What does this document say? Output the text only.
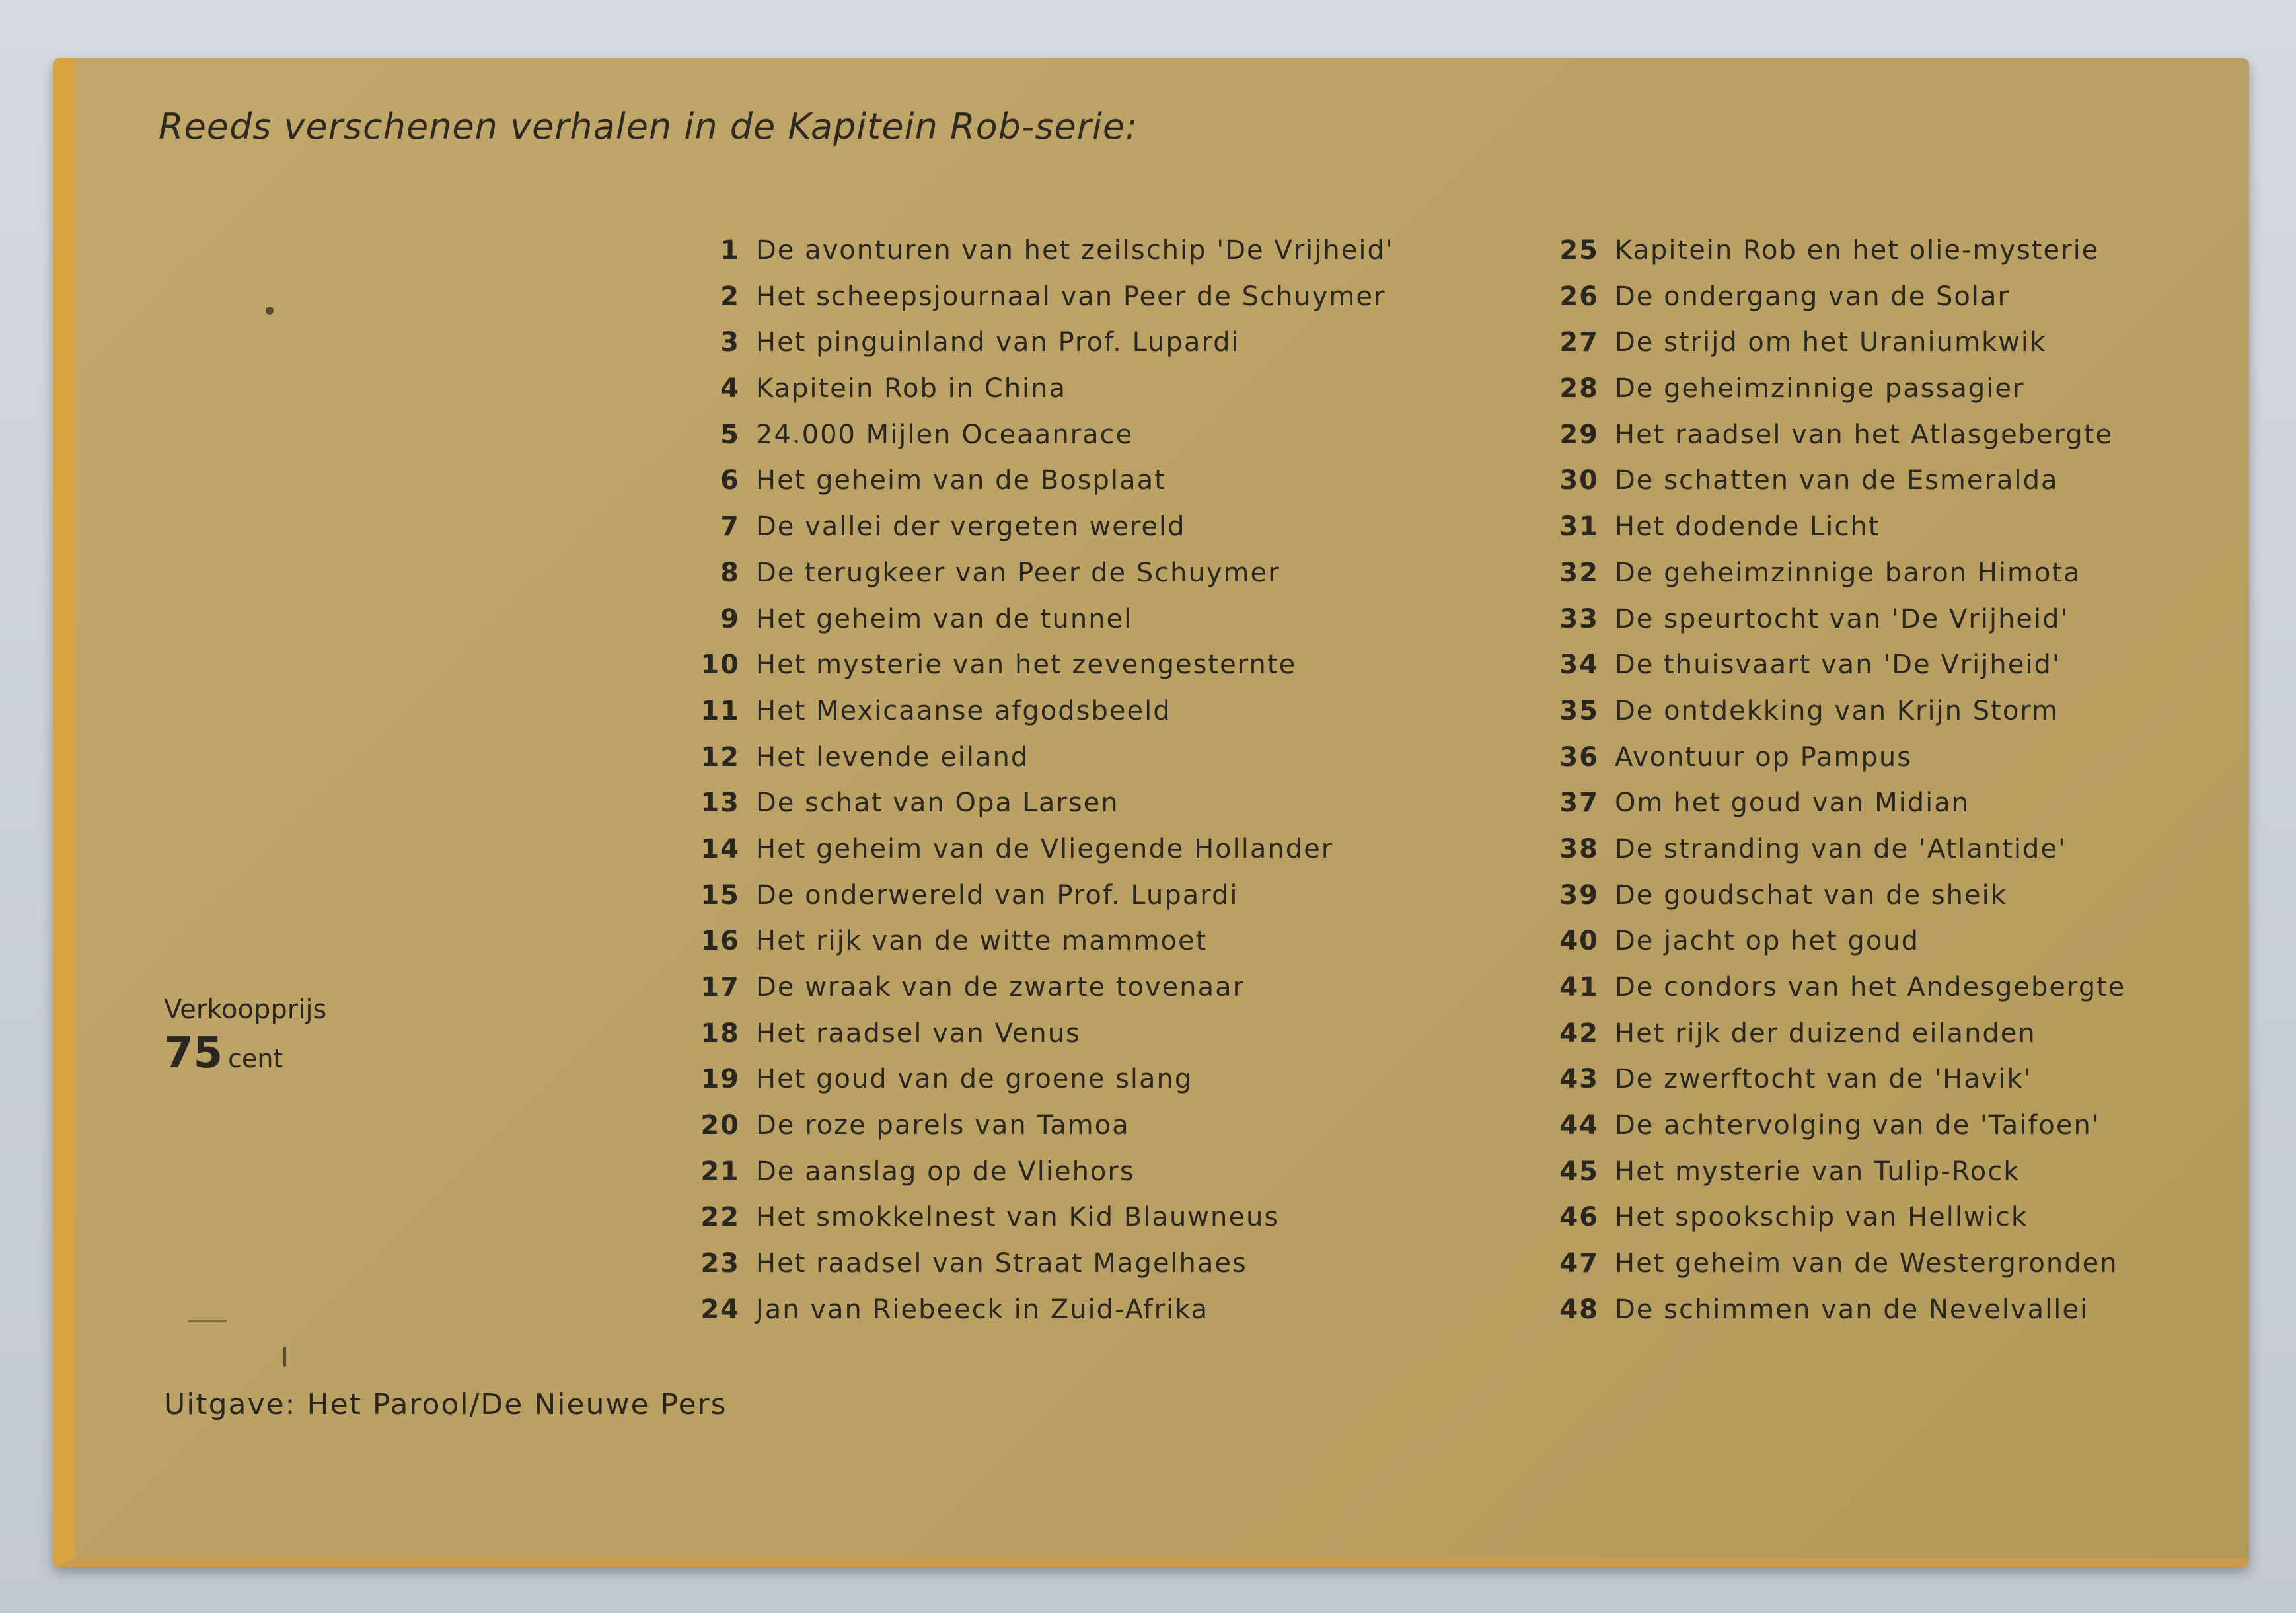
Reeds verschenen verhalen in de Kapitein Rob-serie:
1 De avonturen van het zeilschip 'De Vrijheid'
2 Het scheepsjournaal van Peer de Schuymer
3 Het pinguinland van Prof. Lupardi
4 Kapitein Rob in China
5 24.000 Mijlen Oceaanrace
6 Het geheim van de Bosplaat
7 De vallei der vergeten wereld
8 De terugkeer van Peer de Schuymer
9 Het geheim van de tunnel
10 Het mysterie van het zevengesternte
11 Het Mexicaanse afgodsbeeld
12 Het levende eiland
13 De schat van Opa Larsen
14 Het geheim van de Vliegende Hollander
15 De onderwereld van Prof. Lupardi
16 Het rijk van de witte mammoet
17 De wraak van de zwarte tovenaar
18 Het raadsel van Venus
19 Het goud van de groene slang
20 De roze parels van Tamoa
21 De aanslag op de Vliehors
22 Het smokkelnest van Kid Blauwneus
23 Het raadsel van Straat Magelhaes
24 Jan van Riebeeck in Zuid-Afrika
25 Kapitein Rob en het olie-mysterie
26 De ondergang van de Solar
27 De strijd om het Uraniumkwik
28 De geheimzinnige passagier
29 Het raadsel van het Atlasgebergte
30 De schatten van de Esmeralda
31 Het dodende Licht
32 De geheimzinnige baron Himota
33 De speurtocht van 'De Vrijheid'
34 De thuisvaart van 'De Vrijheid'
35 De ontdekking van Krijn Storm
36 Avontuur op Pampus
37 Om het goud van Midian
38 De stranding van de 'Atlantide'
39 De goudschat van de sheik
40 De jacht op het goud
41 De condors van het Andesgebergte
42 Het rijk der duizend eilanden
43 De zwerftocht van de 'Havik'
44 De achtervolging van de 'Taifoen'
45 Het mysterie van Tulip-Rock
46 Het spookschip van Hellwick
47 Het geheim van de Westergronden
48 De schimmen van de Nevelvallei
Verkoopprijs
75 cent
Uitgave: Het Parool/De Nieuwe Pers
